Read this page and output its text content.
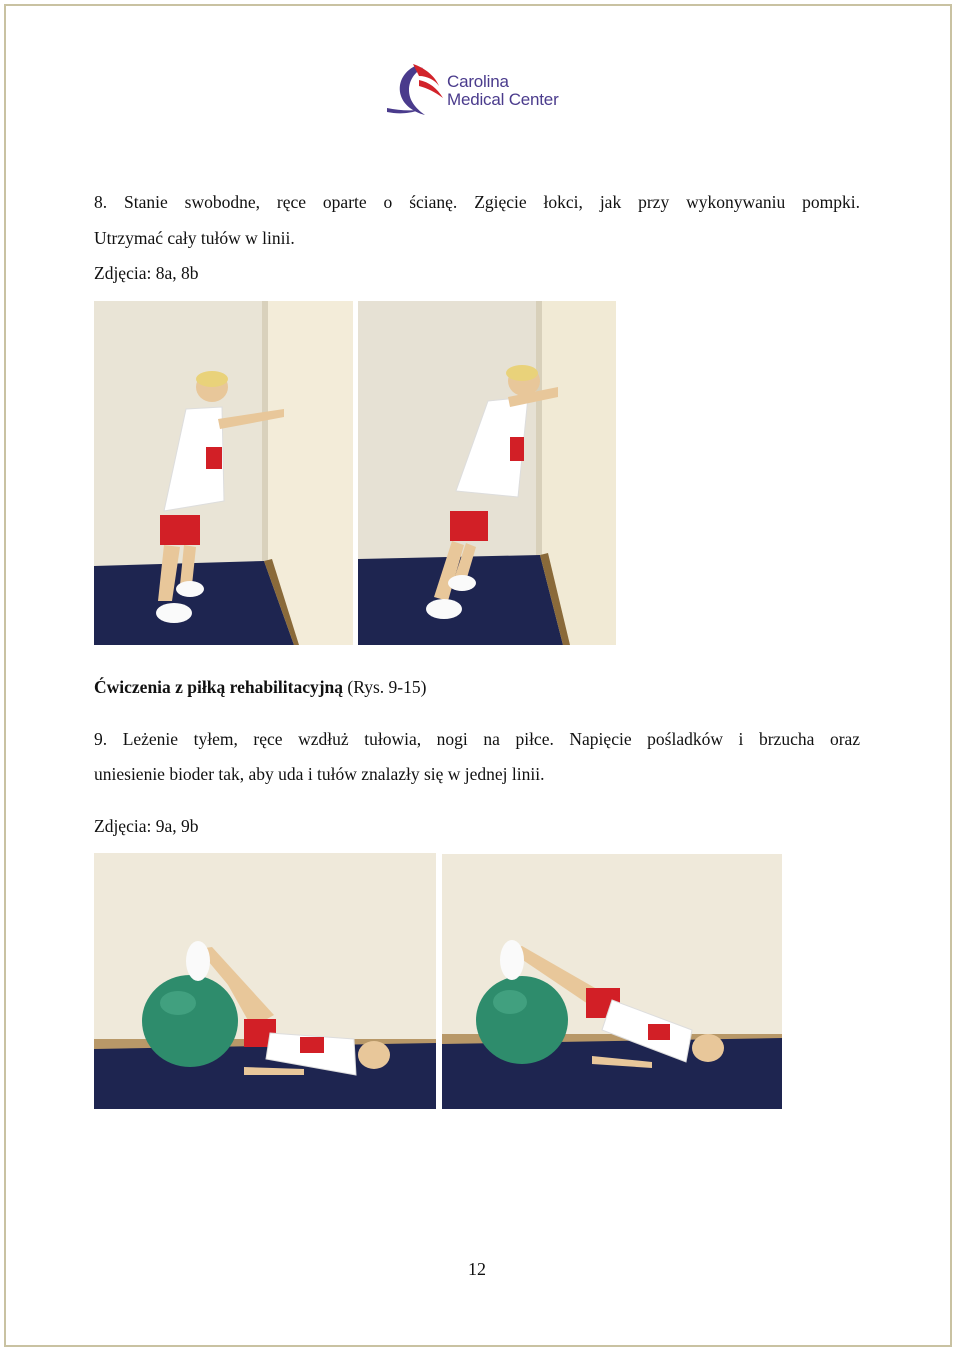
Carolina
Medical Center
8. Stanie swobodne, ręce oparte o ścianę. Zgięcie łokci, jak przy wykonywaniu pompki.
Utrzymać cały tułów w linii.
Zdjęcia: 8a, 8b
Ćwiczenia z piłką rehabilitacyjną (Rys. 9-15)
9. Leżenie tyłem, ręce wzdłuż tułowia, nogi na piłce. Napięcie pośladków i brzucha oraz
uniesienie bioder tak, aby uda i tułów znalazły się w jednej linii.
Zdjęcia: 9a, 9b
12
